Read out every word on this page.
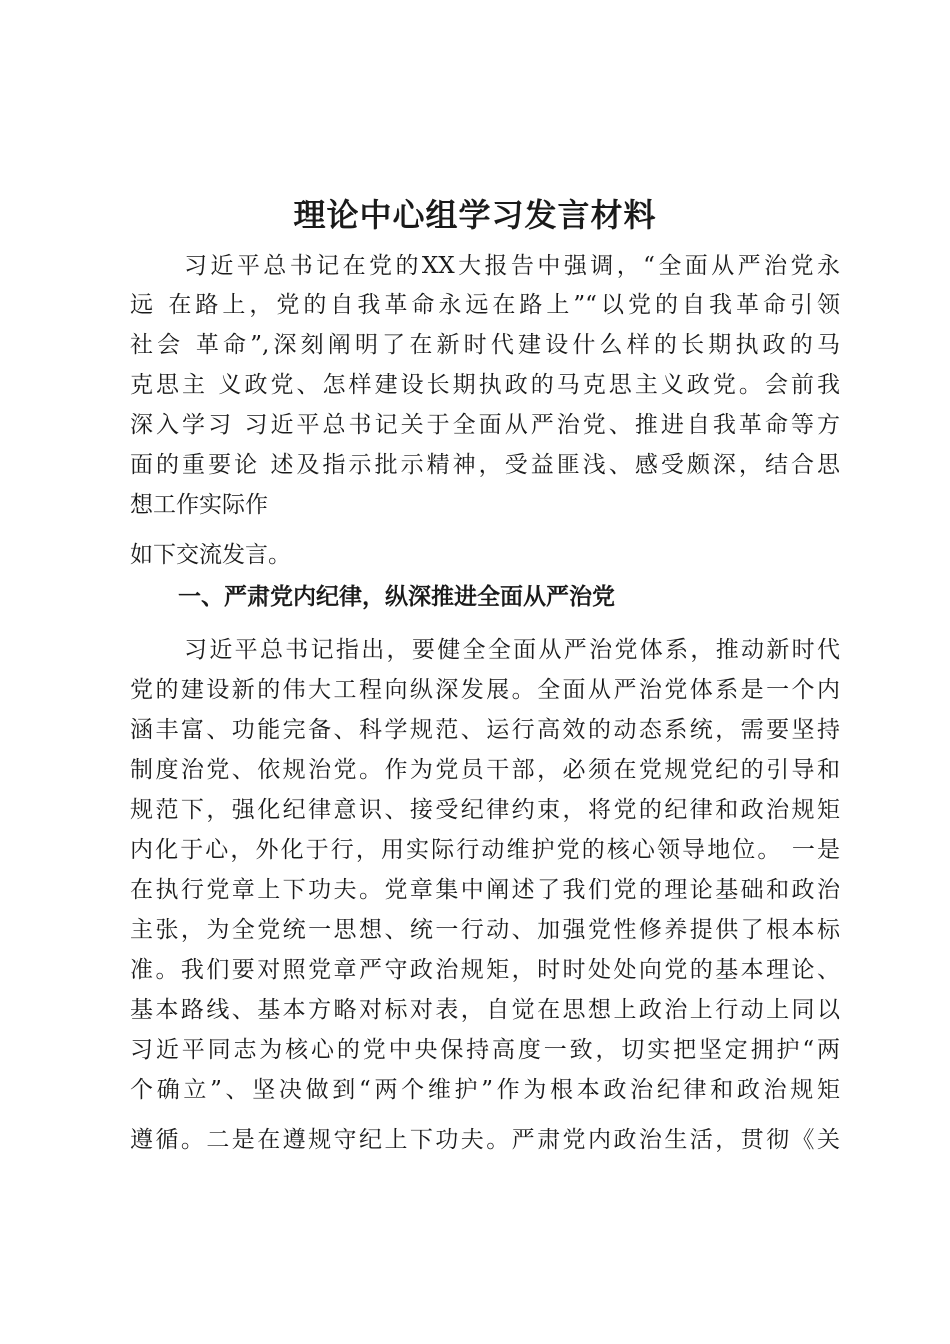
理论中心组学习发言材料
习近平总书记在党的XX大报告中强调，“全面从严治党永
远 在路上，党的自我革命永远在路上”“以党的自我革命引领
社会 革命”,深刻阐明了在新时代建设什么样的长期执政的马
克思主 义政党、怎样建设长期执政的马克思主义政党。会前我
深入学习 习近平总书记关于全面从严治党、推进自我革命等方
面的重要论 述及指示批示精神，受益匪浅、感受颇深，结合思
想工作实际作
如下交流发言。
一、严肃党内纪律，纵深推进全面从严治党
习近平总书记指出，要健全全面从严治党体系，推动新时代
党的建设新的伟大工程向纵深发展。全面从严治党体系是一个内
涵丰富、功能完备、科学规范、运行高效的动态系统，需要坚持
制度治党、依规治党。作为党员干部，必须在党规党纪的引导和
规范下，强化纪律意识、接受纪律约束，将党的纪律和政治规矩
内化于心，外化于行，用实际行动维护党的核心领导地位。 一是
在执行党章上下功夫。党章集中阐述了我们党的理论基础和政治
主张，为全党统一思想、统一行动、加强党性修养提供了根本标
准。我们要对照党章严守政治规矩，时时处处向党的基本理论、
基本路线、基本方略对标对表，自觉在思想上政治上行动上同以
习近平同志为核心的党中央保持高度一致，切实把坚定拥护“两
个确立”、坚决做到“两个维护”作为根本政治纪律和政治规矩
遵循。二是在遵规守纪上下功夫。严肃党内政治生活，贯彻《关
